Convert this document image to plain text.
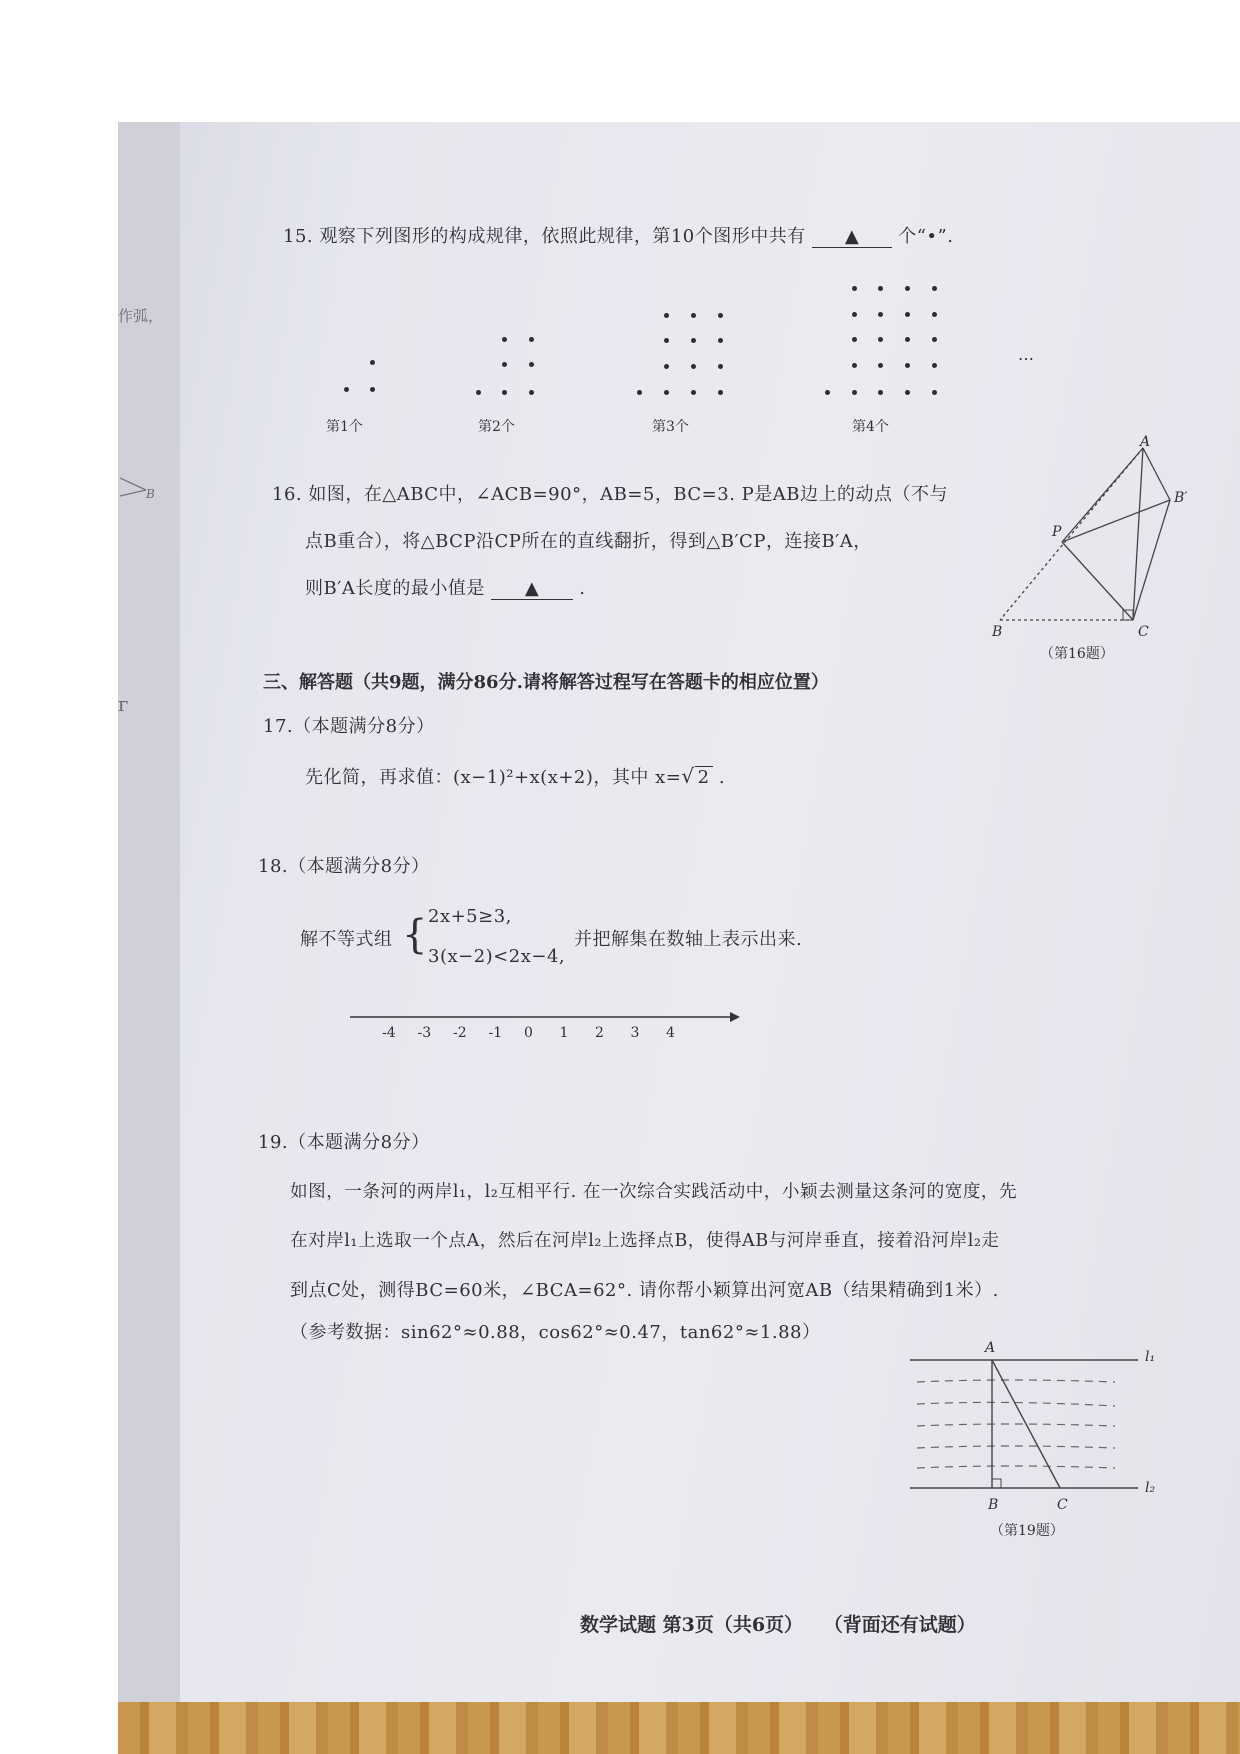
作弧，
B
г
15. 观察下列图形的构成规律，依照此规律，第10个图形中共有 ▲ 个“•”.
…
第1个	第2个	第3个	第4个
16. 如图，在△ABC中，∠ACB=90°，AB=5，BC=3. P是AB边上的动点（不与
点B重合），将△BCP沿CP所在的直线翻折，得到△B′CP，连接B′A，
则B′A长度的最小值是 ▲ .
A
B′
P
B	C
（第16题）
三、解答题（共9题，满分86分.请将解答过程写在答题卡的相应位置）
17.（本题满分8分）
先化简，再求值：(x−1)²+x(x+2)，其中 x=√ 2 .
18.（本题满分8分）
解不等式组 { 2x+5≥3,
3(x−2)<2x−4,
并把解集在数轴上表示出来.
-4 -3 -2 -1 0 1 2 3 4
19.（本题满分8分）
如图，一条河的两岸l₁，l₂互相平行. 在一次综合实践活动中，小颖去测量这条河的宽度，先
在对岸l₁上选取一个点A，然后在河岸l₂上选择点B，使得AB与河岸垂直，接着沿河岸l₂走
到点C处，测得BC=60米，∠BCA=62°. 请你帮小颖算出河宽AB（结果精确到1米）.
（参考数据：sin62°≈0.88，cos62°≈0.47，tan62°≈1.88）
A
l₁
l₂
B	C
（第19题）
数学试题 第3页（共6页） （背面还有试题）
